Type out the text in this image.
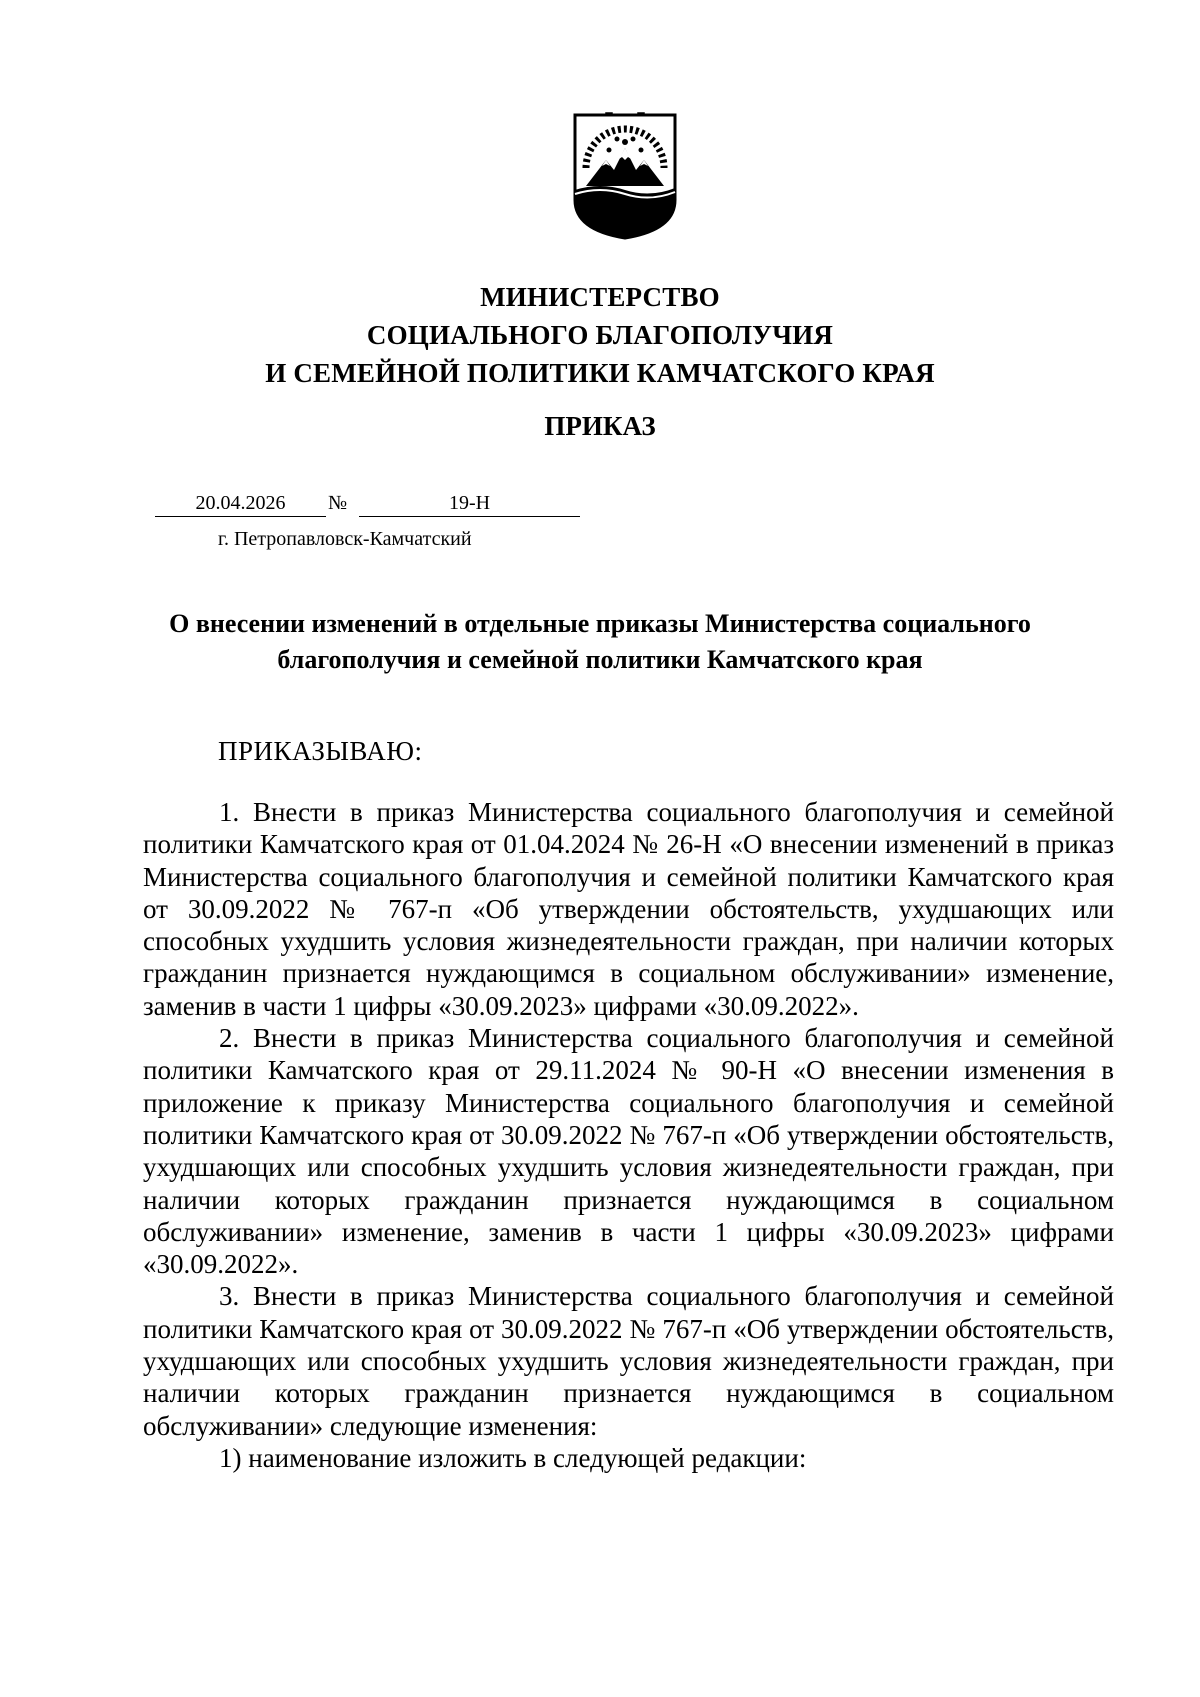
МИНИСТЕРСТВО
СОЦИАЛЬНОГО БЛАГОПОЛУЧИЯ
И СЕМЕЙНОЙ ПОЛИТИКИ КАМЧАТСКОГО КРАЯ
ПРИКАЗ
20.04.2026	№	19-Н
г. Петропавловск-Камчатский
О внесении изменений в отдельные приказы Министерства социального
благополучия и семейной политики Камчатского края
ПРИКАЗЫВАЮ:

1. Внести в приказ Министерства социального благополучия и семейной политики Камчатского края от 01.04.2024 № 26-Н «О внесении изменений в приказ Министерства социального благополучия и семейной политики Камчатского края от 30.09.2022 № 767-п «Об утверждении обстоятельств, ухудшающих или способных ухудшить условия жизнедеятельности граждан, при наличии которых гражданин признается нуждающимся в социальном обслуживании» изменение, заменив в части 1 цифры «30.09.2023» цифрами «30.09.2022».

2. Внести в приказ Министерства социального благополучия и семейной политики Камчатского края от 29.11.2024 № 90-Н «О внесении изменения в приложение к приказу Министерства социального благополучия и семейной политики Камчатского края от 30.09.2022 № 767-п «Об утверждении обстоятельств, ухудшающих или способных ухудшить условия жизнедеятельности граждан, при наличии которых гражданин признается нуждающимся в социальном обслуживании» изменение, заменив в части 1 цифры «30.09.2023» цифрами «30.09.2022».

3. Внести в приказ Министерства социального благополучия и семейной политики Камчатского края от 30.09.2022 № 767-п «Об утверждении обстоятельств, ухудшающих или способных ухудшить условия жизнедеятельности граждан, при наличии которых гражданин признается нуждающимся в социальном обслуживании» следующие изменения:

1) наименование изложить в следующей редакции:
